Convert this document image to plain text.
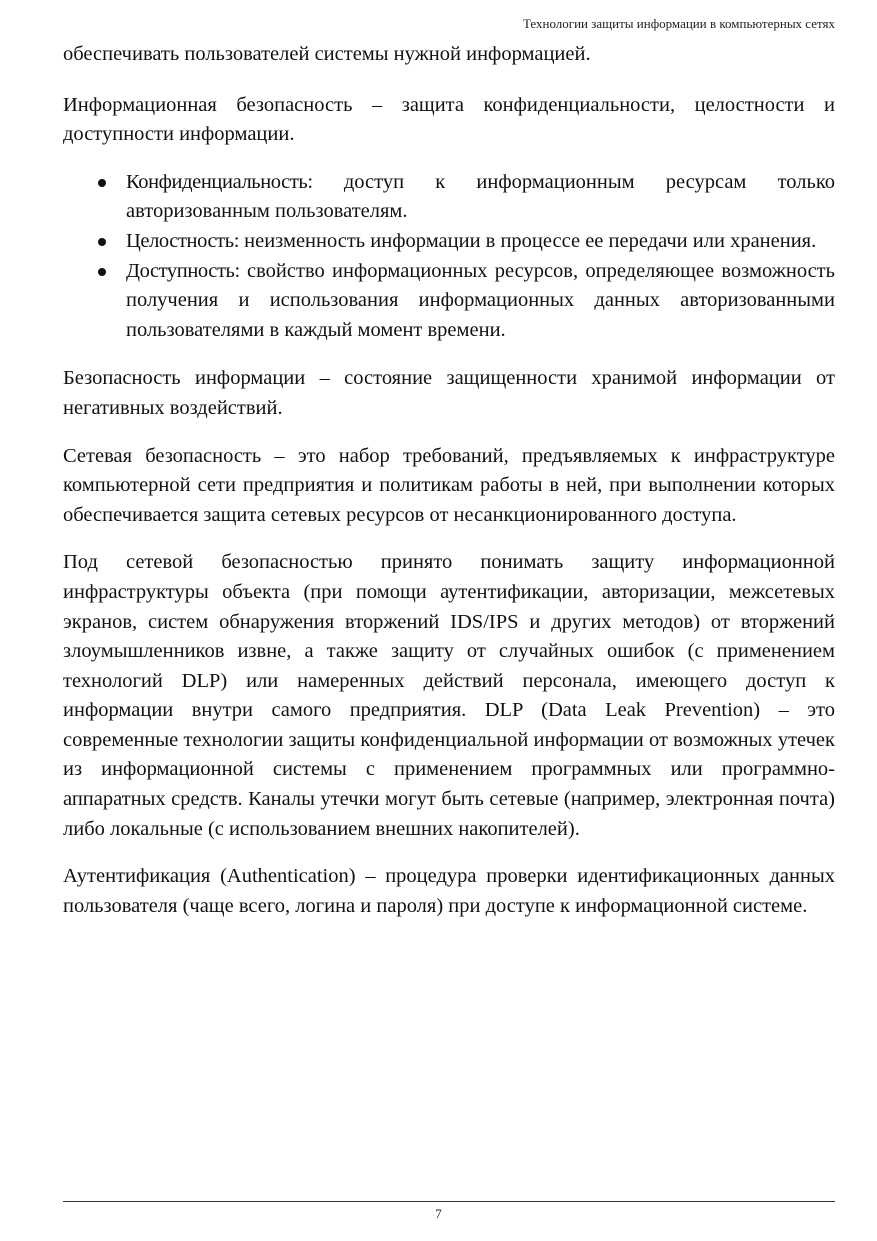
Технологии защиты информации в компьютерных сетях

обеспечивать пользователей системы нужной информацией.

Информационная безопасность – защита конфиденциальности, целостности и доступности информации.

Конфиденциальность: доступ к информационным ресурсам только авторизованным пользователям.
Целостность: неизменность информации в процессе ее передачи или хранения.
Доступность: свойство информационных ресурсов, определяющее возможность получения и использования информационных данных авторизованными пользователями в каждый момент времени.

Безопасность информации – состояние защищенности хранимой информации от негативных воздействий.

Сетевая безопасность – это набор требований, предъявляемых к инфраструктуре компьютерной сети предприятия и политикам работы в ней, при выполнении которых обеспечивается защита сетевых ресурсов от несанкционированного доступа.

Под сетевой безопасностью принято понимать защиту информационной инфраструктуры объекта (при помощи аутентификации, авторизации, межсетевых экранов, систем обнаружения вторжений IDS/IPS и других методов) от вторжений злоумышленников извне, а также защиту от случайных ошибок (с применением технологий DLP) или намеренных действий персонала, имеющего доступ к информации внутри самого предприятия. DLP (Data Leak Prevention) – это современные технологии защиты конфиденциальной информации от возможных утечек из информационной системы с применением программных или программно-аппаратных средств. Каналы утечки могут быть сетевые (например, электронная почта) либо локальные (с использованием внешних накопителей).

Аутентификация (Authentication) – процедура проверки идентификационных данных пользователя (чаще всего, логина и пароля) при доступе к информационной системе.

7
